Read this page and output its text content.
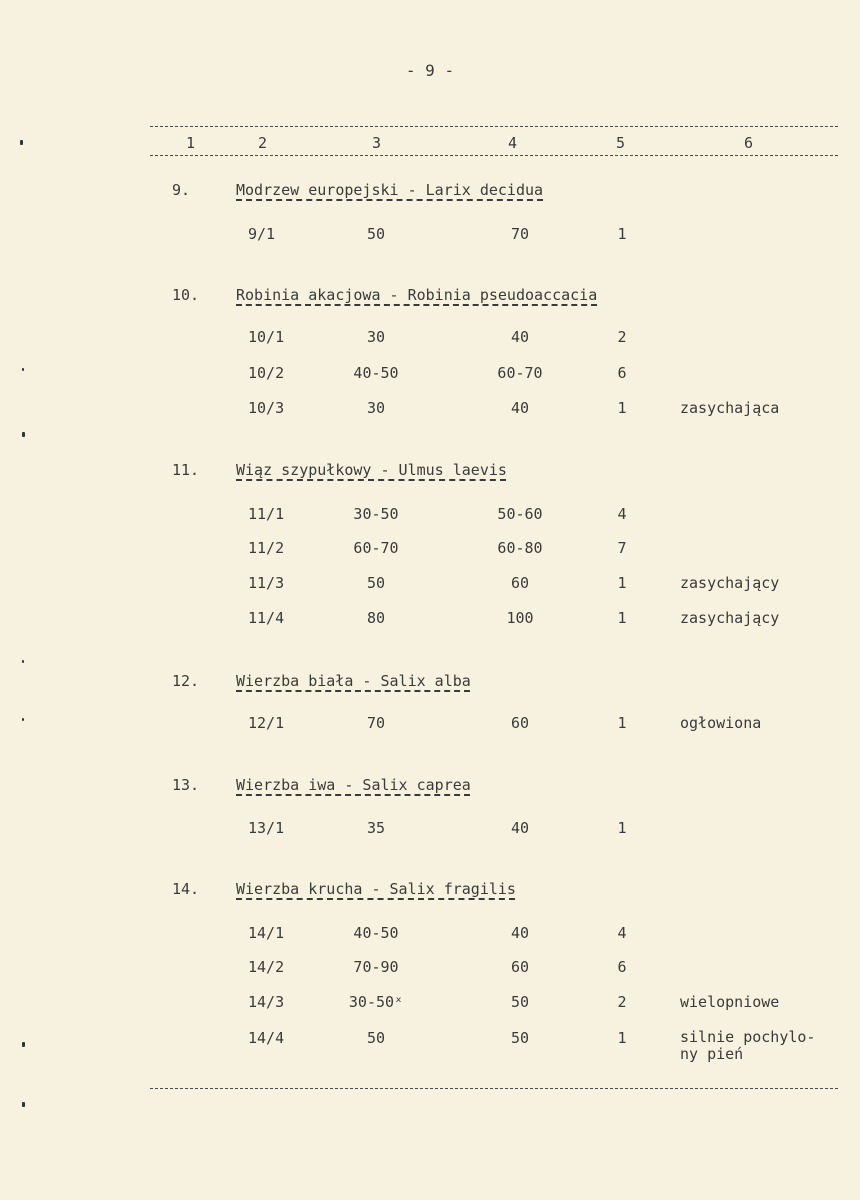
- 9 -
1	2	3	4	5	6
9.	Modrzew europejski - Larix decidua
9/1	50	70	1
10. Robinia akacjowa - Robinia pseudoaccacia
10/1	30	40	2
10/2	40-50	60-70	6
10/3	30	40	1	zasychająca
11. Wiąz szypułkowy - Ulmus laevis
11/1	30-50	50-60	4
11/2	60-70	60-80	7
11/3	50	60	1	zasychający
11/4	80	100	1	zasychający
12. Wierzba biała - Salix alba
12/1	70	60	1	ogłowiona
13. Wierzba iwa - Salix caprea
13/1	35	40	1
14. Wierzba krucha - Salix fragilis
14/1	40-50	40	4
14/2	70-90	60	6
14/3	30-50ˣ	50	2	wielopniowe
14/4	50	50	1	silnie pochylo-
ny pień
